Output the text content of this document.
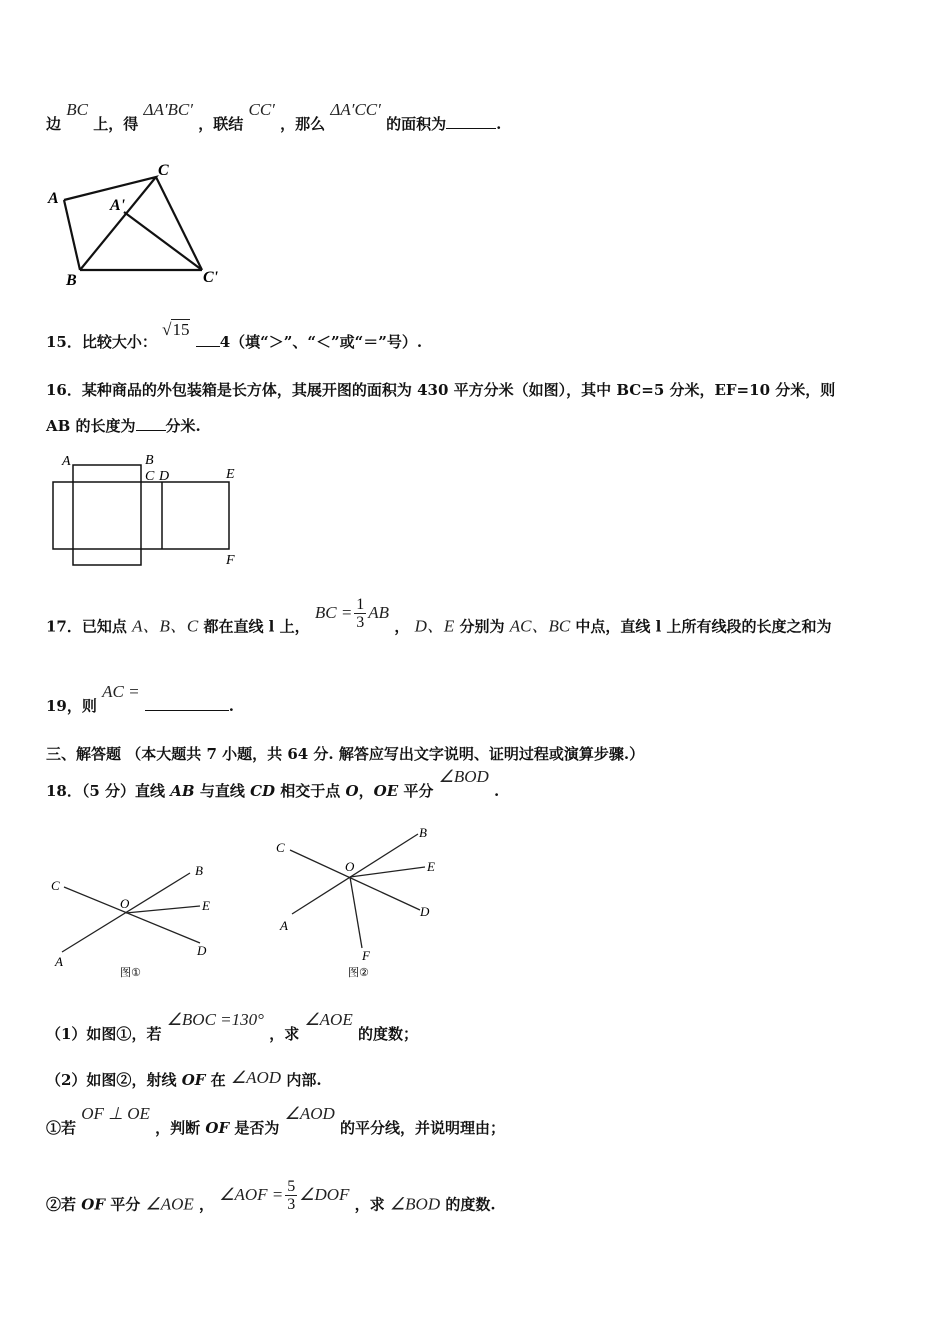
边 BC 上，得 ΔA′BC′ ，联结 CC′ ，那么 ΔA′CC′ 的面积为	.
A
C
A'
B	C'
15．比较大小： √15 4（填“＞”、“＜”或“＝”号）.
16．某种商品的外包装箱是长方体，其展开图的面积为 430 平方分米（如图），其中 BC=5 分米，EF=10 分米，则
AB 的长度为 分米.
A	B
C D	E
F
17．已知点 A、B、C 都在直线 l 上， BC = $\frac{1}{3}$ AB ， D、E 分别为 AC、BC 中点，直线 l 上所有线段的长度之和为
19，则 AC = .
三、解答题 （本大题共 7 小题，共 64 分. 解答应写出文字说明、证明过程或演算步骤.）
18．（5 分）直线 AB 与直线 CD 相交于点 O，OE 平分 ∠BOD .
C
B
O	E
A
D
图①
C
B
O	E
A
D
F
图②
（1）如图①，若 ∠BOC =130° ，求 ∠AOE 的度数；
（2）如图②，射线 OF 在 ∠AOD 内部.
①若 OF ⊥ OE ，判断 OF 是否为 ∠AOD 的平分线，并说明理由；
②若 OF 平分 ∠AOE ， ∠AOF = $\frac{5}{3}$ ∠DOF ，求 ∠BOD 的度数.
